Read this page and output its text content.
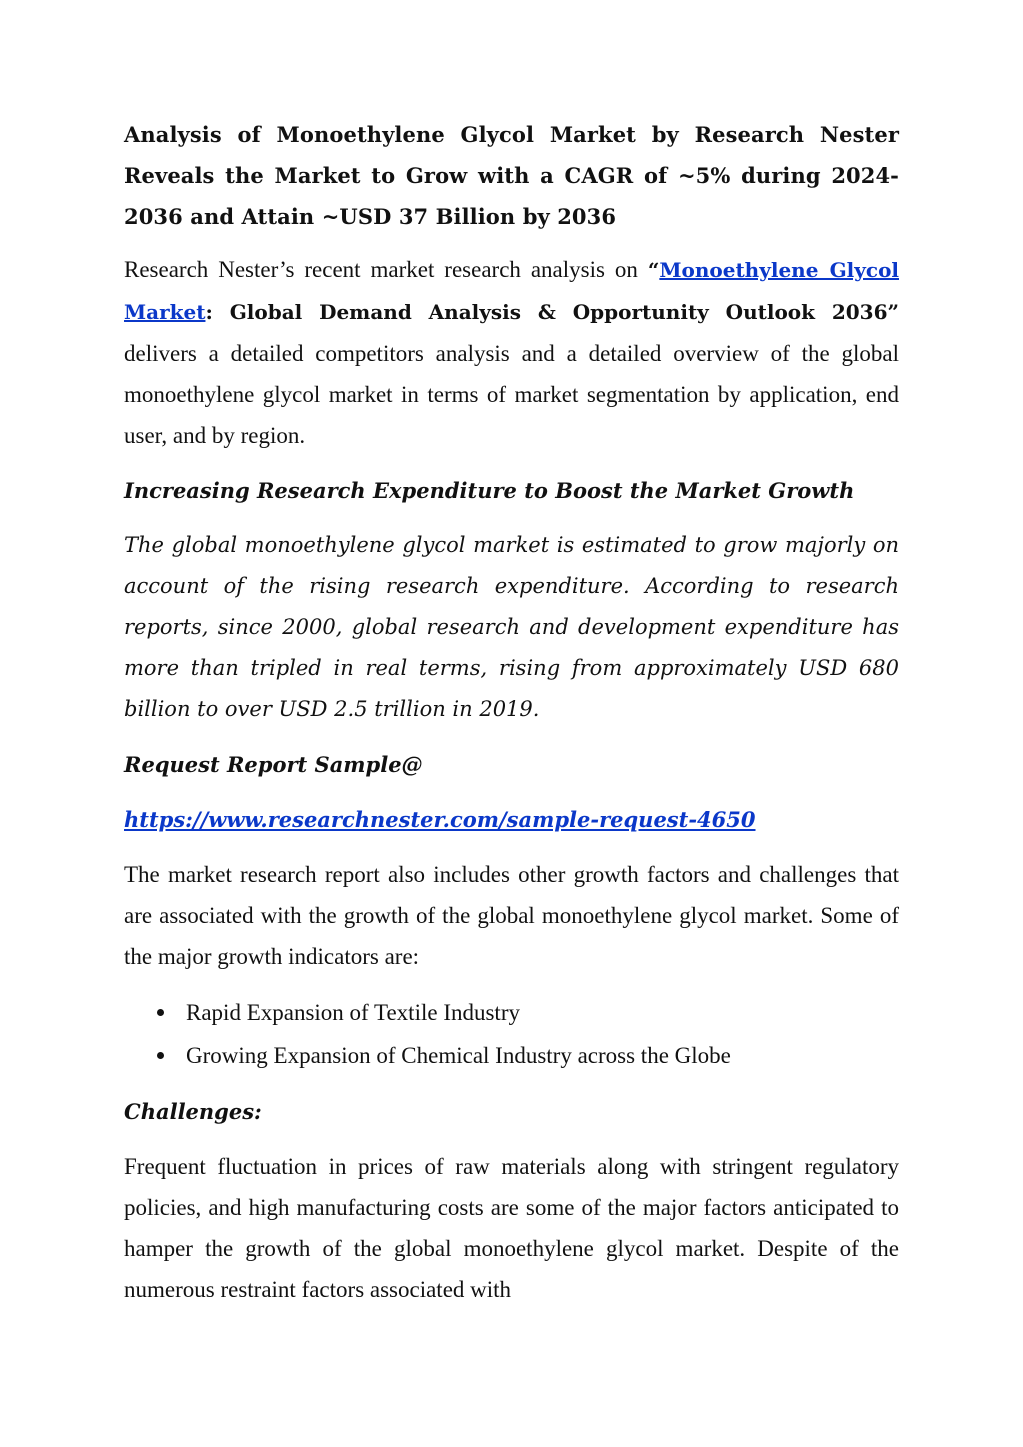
Analysis of Monoethylene Glycol Market by Research Nester Reveals the Market to Grow with a CAGR of ~5% during 2024-2036 and Attain ~USD 37 Billion by 2036

Research Nester’s recent market research analysis on “Monoethylene Glycol Market: Global Demand Analysis & Opportunity Outlook 2036” delivers a detailed competitors analysis and a detailed overview of the global monoethylene glycol market in terms of market segmentation by application, end user, and by region.

Increasing Research Expenditure to Boost the Market Growth
The global monoethylene glycol market is estimated to grow majorly on account of the rising research expenditure. According to research reports, since 2000, global research and development expenditure has more than tripled in real terms, rising from approximately USD 680 billion to over USD 2.5 trillion in 2019.
Request Report Sample@
https://www.researchnester.com/sample-request-4650

The market research report also includes other growth factors and challenges that are associated with the growth of the global monoethylene glycol market. Some of the major growth indicators are:

Rapid Expansion of Textile Industry
Growing Expansion of Chemical Industry across the Globe
Challenges:

Frequent fluctuation in prices of raw materials along with stringent regulatory policies, and high manufacturing costs are some of the major factors anticipated to hamper the growth of the global monoethylene glycol market. Despite of the numerous restraint factors associated with
